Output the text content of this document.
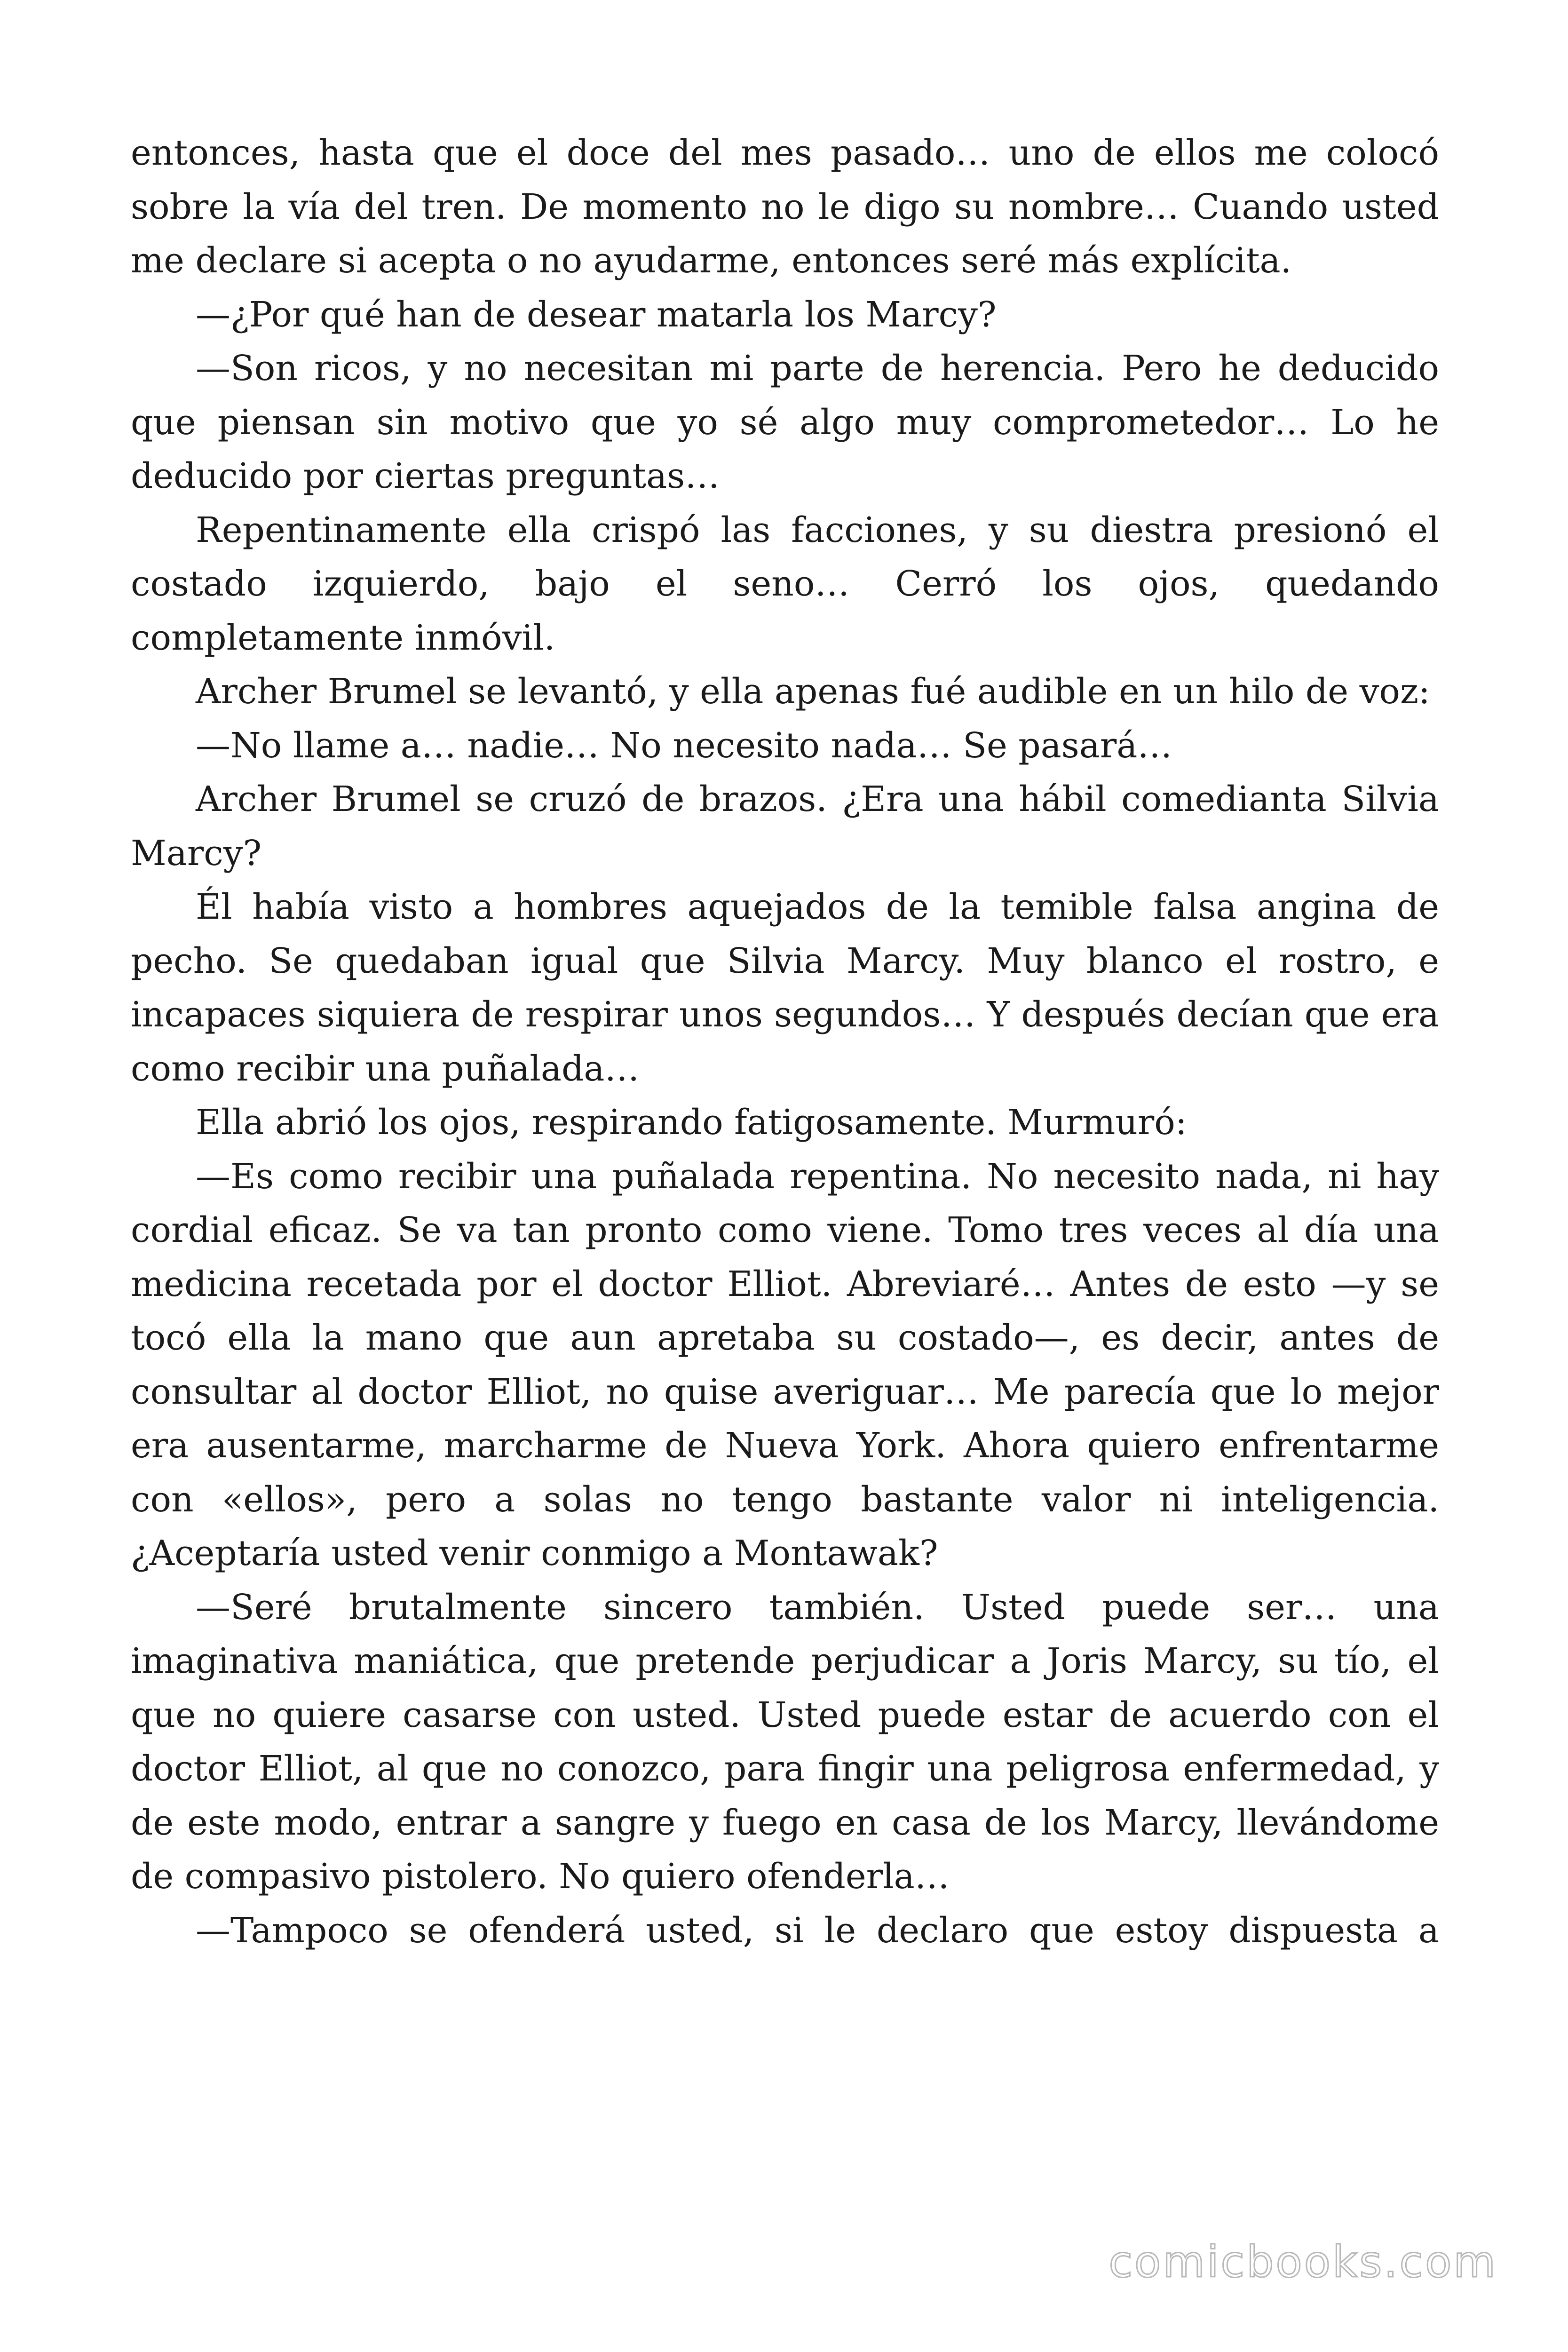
entonces, hasta que el doce del mes pasado… uno de ellos me colocó sobre la vía del tren. De momento no le digo su nombre… Cuando usted me declare si acepta o no ayudarme, entonces seré más explícita.

—¿Por qué han de desear matarla los Marcy?

—Son ricos, y no necesitan mi parte de herencia. Pero he deducido que piensan sin motivo que yo sé algo muy comprometedor… Lo he deducido por ciertas preguntas…

Repentinamente ella crispó las facciones, y su diestra presionó el costado izquierdo, bajo el seno… Cerró los ojos, quedando completamente inmóvil.

Archer Brumel se levantó, y ella apenas fué audible en un hilo de voz:

—No llame a… nadie… No necesito nada… Se pasará…

Archer Brumel se cruzó de brazos. ¿Era una hábil comedianta Silvia Marcy?

Él había visto a hombres aquejados de la temible falsa angina de pecho. Se quedaban igual que Silvia Marcy. Muy blanco el rostro, e incapaces siquiera de respirar unos segundos… Y después decían que era como recibir una puñalada…

Ella abrió los ojos, respirando fatigosamente. Murmuró:

—Es como recibir una puñalada repentina. No necesito nada, ni hay cordial eficaz. Se va tan pronto como viene. Tomo tres veces al día una medicina recetada por el doctor Elliot. Abreviaré… Antes de esto —y se tocó ella la mano que aun apretaba su costado—, es decir, antes de consultar al doctor Elliot, no quise averiguar… Me parecía que lo mejor era ausentarme, marcharme de Nueva York. Ahora quiero enfrentarme con «ellos», pero a solas no tengo bastante valor ni inteligencia. ¿Aceptaría usted venir conmigo a Montawak?

—Seré brutalmente sincero también. Usted puede ser… una imaginativa maniática, que pretende perjudicar a Joris Marcy, su tío, el que no quiere casarse con usted. Usted puede estar de acuerdo con el doctor Elliot, al que no conozco, para fingir una peligrosa enfermedad, y de este modo, entrar a sangre y fuego en casa de los Marcy, llevándome de compasivo pistolero. No quiero ofenderla…

—Tampoco se ofenderá usted, si le declaro que estoy dispuesta a

comicbooks.com
